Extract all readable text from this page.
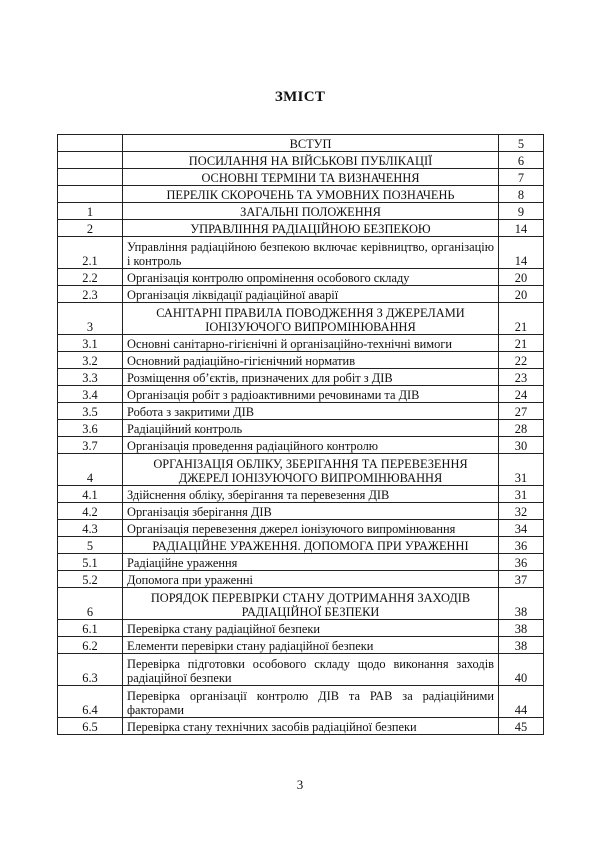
ЗМІСТ
	ВСТУП	5
	ПОСИЛАННЯ НА ВІЙСЬКОВІ ПУБЛІКАЦІЇ	6
	ОСНОВНІ ТЕРМІНИ ТА ВИЗНАЧЕННЯ	7
	ПЕРЕЛІК СКОРОЧЕНЬ ТА УМОВНИХ ПОЗНАЧЕНЬ	8
1	ЗАГАЛЬНІ ПОЛОЖЕННЯ	9
2	УПРАВЛІННЯ РАДІАЦІЙНОЮ БЕЗПЕКОЮ	14
2.1	Управління радіаційною безпекою включає керівництво, організацію і контроль	14
2.2	Організація контролю опромінення особового складу	20
2.3	Організація ліквідації радіаційної аварії	20
3	САНІТАРНІ ПРАВИЛА ПОВОДЖЕННЯ З ДЖЕРЕЛАМИ ІОНІЗУЮЧОГО ВИПРОМІНЮВАННЯ	21
3.1	Основні санітарно-гігієнічні й організаційно-технічні вимоги	21
3.2	Основний радіаційно-гігієнічний норматив	22
3.3	Розміщення об’єктів, призначених для робіт з ДІВ	23
3.4	Організація робіт з радіоактивними речовинами та ДІВ	24
3.5	Робота з закритими ДІВ	27
3.6	Радіаційний контроль	28
3.7	Організація проведення радіаційного контролю	30
4	ОРГАНІЗАЦІЯ ОБЛІКУ, ЗБЕРІГАННЯ ТА ПЕРЕВЕЗЕННЯ ДЖЕРЕЛ ІОНІЗУЮЧОГО ВИПРОМІНЮВАННЯ	31
4.1	Здійснення обліку, зберігання та перевезення ДІВ	31
4.2	Організація зберігання ДІВ	32
4.3	Організація перевезення джерел іонізуючого випромінювання	34
5	РАДІАЦІЙНЕ УРАЖЕННЯ. ДОПОМОГА ПРИ УРАЖЕННІ	36
5.1	Радіаційне ураження	36
5.2	Допомога при ураженні	37
6	ПОРЯДОК ПЕРЕВІРКИ СТАНУ ДОТРИМАННЯ ЗАХОДІВ РАДІАЦІЙНОЇ БЕЗПЕКИ	38
6.1	Перевірка стану радіаційної безпеки	38
6.2	Елементи перевірки стану радіаційної безпеки	38
6.3	Перевірка підготовки особового складу щодо виконання заходів радіаційної безпеки	40
6.4	Перевірка організації контролю ДІВ та РАВ за радіаційними факторами	44
6.5	Перевірка стану технічних засобів радіаційної безпеки	45
3
